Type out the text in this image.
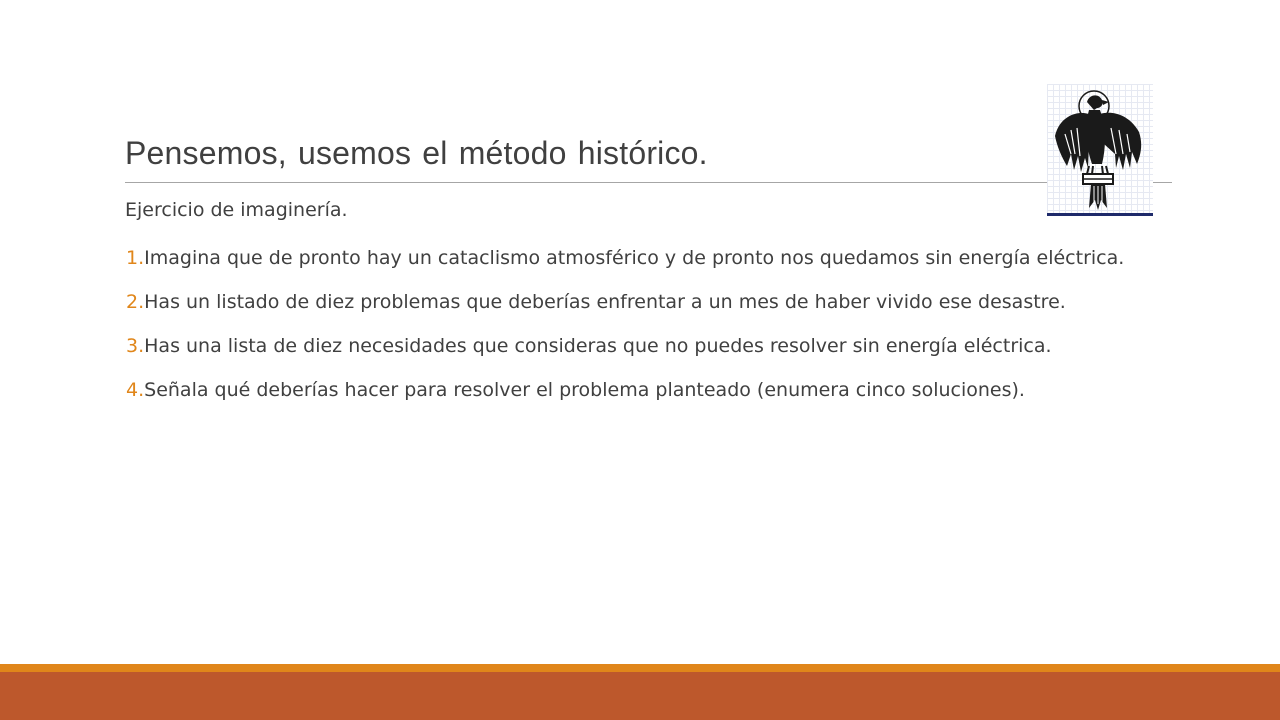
Pensemos, usemos el método histórico.
Ejercicio de imaginería.
1.Imagina que de pronto hay un cataclismo atmosférico y de pronto nos quedamos sin energía eléctrica.
2.Has un listado de diez problemas que deberías enfrentar a un mes de haber vivido ese desastre.
3.Has una lista de diez necesidades que consideras que no puedes resolver sin energía eléctrica.
4.Señala qué deberías hacer para resolver el problema planteado (enumera cinco soluciones).
